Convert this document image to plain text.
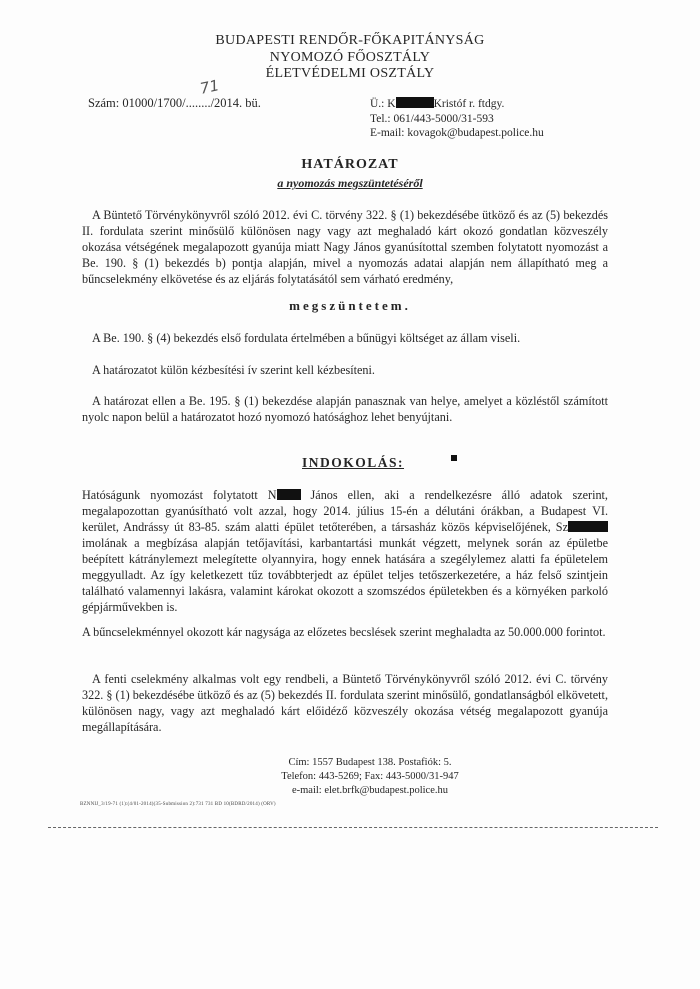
BUDAPESTI RENDŐR-FŐKAPITÁNYSÁG
NYOMOZÓ FŐOSZTÁLY
ÉLETVÉDELMI OSZTÁLY
Szám: 01000/1700/......../2014. bü.
71
Ü.: K	Kristóf r. ftdgy.
Tel.: 061/443-5000/31-593
E-mail: kovagok@budapest.police.hu
HATÁROZAT
a nyomozás megszüntetéséről
A Büntető Törvénykönyvről szóló 2012. évi C. törvény 322. § (1) bekezdésébe ütköző és az (5) bekezdés II. fordulata szerint minősülő különösen nagy vagy azt meghaladó kárt okozó gondatlan közveszély okozása vétségének megalapozott gyanúja miatt Nagy János gyanúsítottal szemben folytatott nyomozást a Be. 190. § (1) bekezdés b) pontja alapján, mivel a nyomozás adatai alapján nem állapítható meg a bűncselekmény elkövetése és az eljárás folytatásától sem várható eredmény,
megszüntetem.
A Be. 190. § (4) bekezdés első fordulata értelmében a bűnügyi költséget az állam viseli.
A határozatot külön kézbesítési ív szerint kell kézbesíteni.
A határozat ellen a Be. 195. § (1) bekezdése alapján panasznak van helye, amelyet a közléstől számított nyolc napon belül a határozatot hozó nyomozó hatósághoz lehet benyújtani.
INDOKOLÁS:
Hatóságunk nyomozást folytatott N János ellen, aki a rendelkezésre álló adatok szerint, megalapozottan gyanúsítható volt azzal, hogy 2014. július 15-én a délutáni órákban, a Budapest VI. kerület, Andrássy út 83-85. szám alatti épület tetőterében, a társasház közös képviselőjének, Szimolának a megbízása alapján tetőjavítási, karbantartási munkát végzett, melynek során az épületbe beépített kátránylemezt melegítette olyannyira, hogy ennek hatására a szegélylemez alatti fa épületelem meggyulladt. Az így keletkezett tűz továbbterjedt az épület teljes tetőszerkezetére, a ház felső szintjein található valamennyi lakásra, valamint károkat okozott a szomszédos épületekben és a környéken parkoló gépjárművekben is.
A bűncselekménnyel okozott kár nagysága az előzetes becslések szerint meghaladta az 50.000.000 forintot.
A fenti cselekmény alkalmas volt egy rendbeli, a Büntető Törvénykönyvről szóló 2012. évi C. törvény 322. § (1) bekezdésébe ütköző és az (5) bekezdés II. fordulata szerint minősülő, gondatlanságból elkövetett, különösen nagy, vagy azt meghaladó kárt előidéző közveszély okozása vétség megalapozott gyanúja megállapítására.
Cím: 1557 Budapest 138. Postafiók: 5.
Telefon: 443-5269; Fax: 443-5000/31-947
e-mail: elet.brfk@budapest.police.hu
BZNNIJ_3/19-71 (1):(4/01-2014)(35-Submission 2):731 731 BD 10(BDRD/2014) (ORV)
